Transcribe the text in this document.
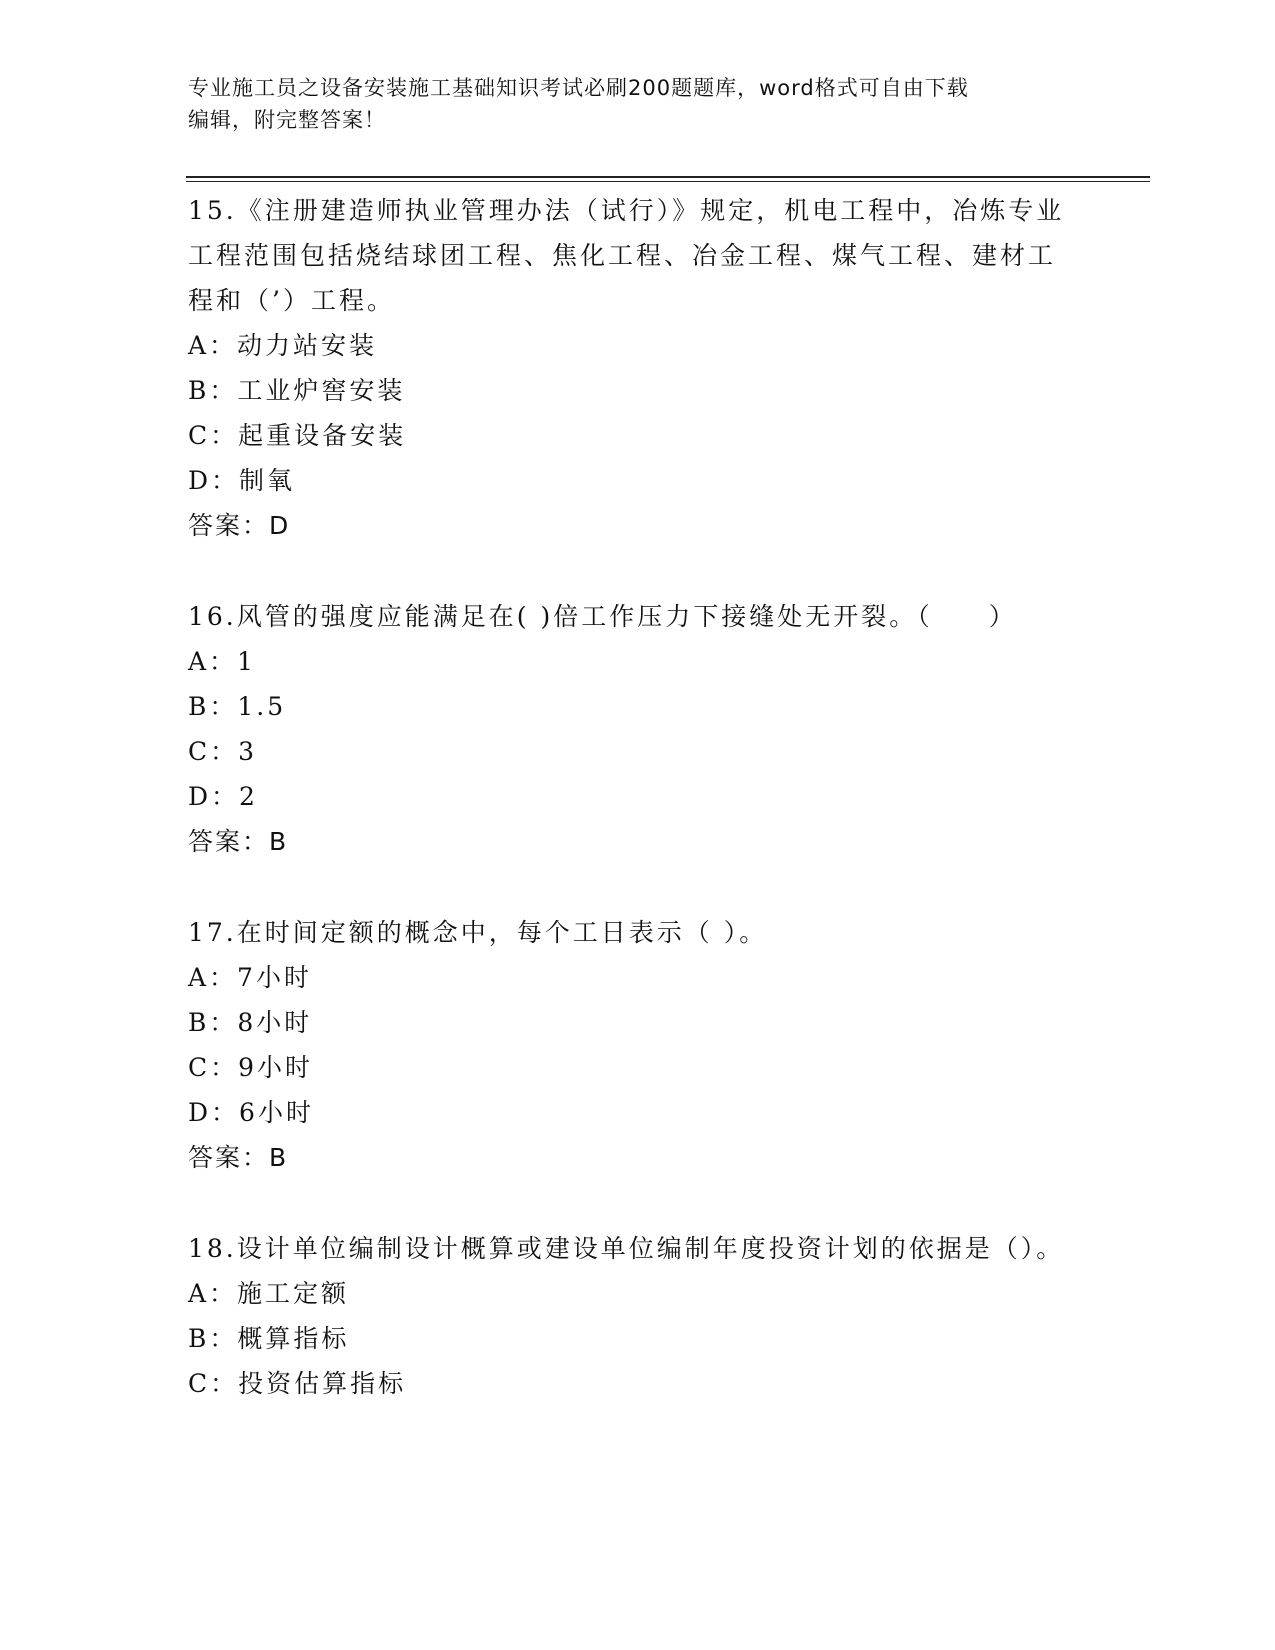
专业施工员之设备安装施工基础知识考试必刷200题题库，word格式可自由下载
编辑，附完整答案！

15.《注册建造师执业管理办法（试行）》规定，机电工程中，冶炼专业工程范围包括烧结球团工程、焦化工程、冶金工程、煤气工程、建材工程和（’）工程。

A：动力站安装

B：工业炉窖安装

C：起重设备安装

D：制氧

答案：D

16.风管的强度应能满足在( )倍工作压力下接缝处无开裂。（　　）

A：1

B：1.5

C：3

D：2

答案：B

17.在时间定额的概念中，每个工日表示（ ）。

A：7小时

B：8小时

C：9小时

D：6小时

答案：B

18.设计单位编制设计概算或建设单位编制年度投资计划的依据是（）。

A：施工定额

B：概算指标

C：投资估算指标
